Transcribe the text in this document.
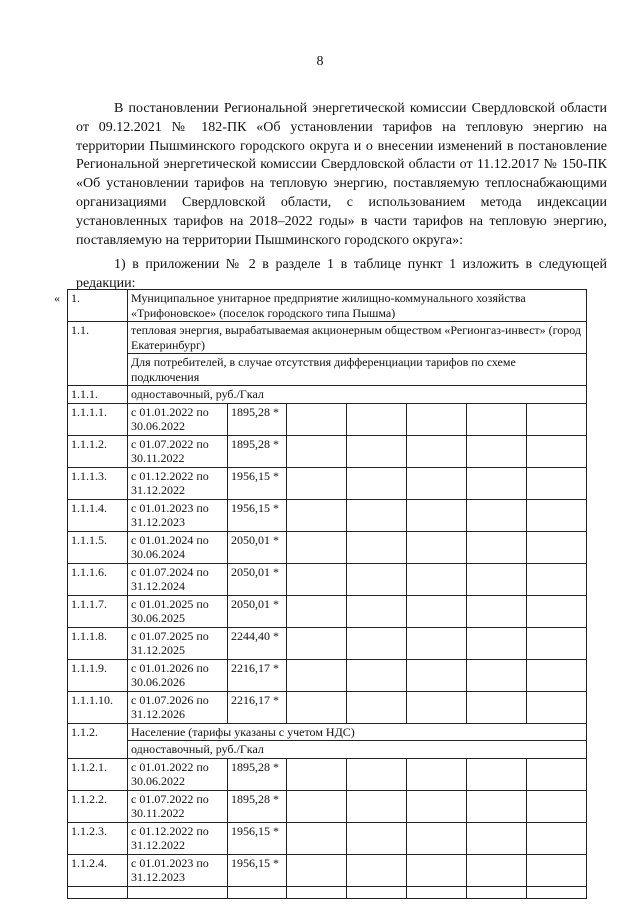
8

В постановлении Региональной энергетической комиссии Свердловской области от 09.12.2021 № 182-ПК «Об установлении тарифов на тепловую энергию на территории Пышминского городского округа и о внесении изменений в постановление Региональной энергетической комиссии Свердловской области от 11.12.2017 № 150-ПК «Об установлении тарифов на тепловую энергию, поставляемую теплоснабжающими организациями Свердловской области, с использованием метода индексации установленных тарифов на 2018–2022 годы» в части тарифов на тепловую энергию, поставляемую на территории Пышминского городского округа»:

1) в приложении № 2 в разделе 1 в таблице пункт 1 изложить в следующей редакции:

« 1.	Муниципальное унитарное предприятие жилищно-коммунального хозяйства «Трифоновское» (поселок городского типа Пышма)						
1.1.	тепловая энергия, вырабатываемая акционерным обществом «Регионгаз-инвест» (город Екатеринбург)						
	Для потребителей, в случае отсутствия дифференциации тарифов по схеме подключения						
1.1.1.	одноставочный, руб./Гкал						
1.1.1.1.	с 01.01.2022 по 30.06.2022	1895,28 *					
1.1.1.2.	с 01.07.2022 по 30.11.2022	1895,28 *					
1.1.1.3.	с 01.12.2022 по 31.12.2022	1956,15 *					
1.1.1.4.	с 01.01.2023 по 31.12.2023	1956,15 *					
1.1.1.5.	с 01.01.2024 по 30.06.2024	2050,01 *					
1.1.1.6.	с 01.07.2024 по 31.12.2024	2050,01 *					
1.1.1.7.	с 01.01.2025 по 30.06.2025	2050,01 *					
1.1.1.8.	с 01.07.2025 по 31.12.2025	2244,40 *					
1.1.1.9.	с 01.01.2026 по 30.06.2026	2216,17 *					
1.1.1.10.	с 01.07.2026 по 31.12.2026	2216,17 *					
1.1.2.	Население (тарифы указаны с учетом НДС)						
	одноставочный, руб./Гкал						
1.1.2.1.	с 01.01.2022 по 30.06.2022	1895,28 *					
1.1.2.2.	с 01.07.2022 по 30.11.2022	1895,28 *					
1.1.2.3.	с 01.12.2022 по 31.12.2022	1956,15 *					
1.1.2.4.	с 01.01.2023 по 31.12.2023	1956,15 *					
